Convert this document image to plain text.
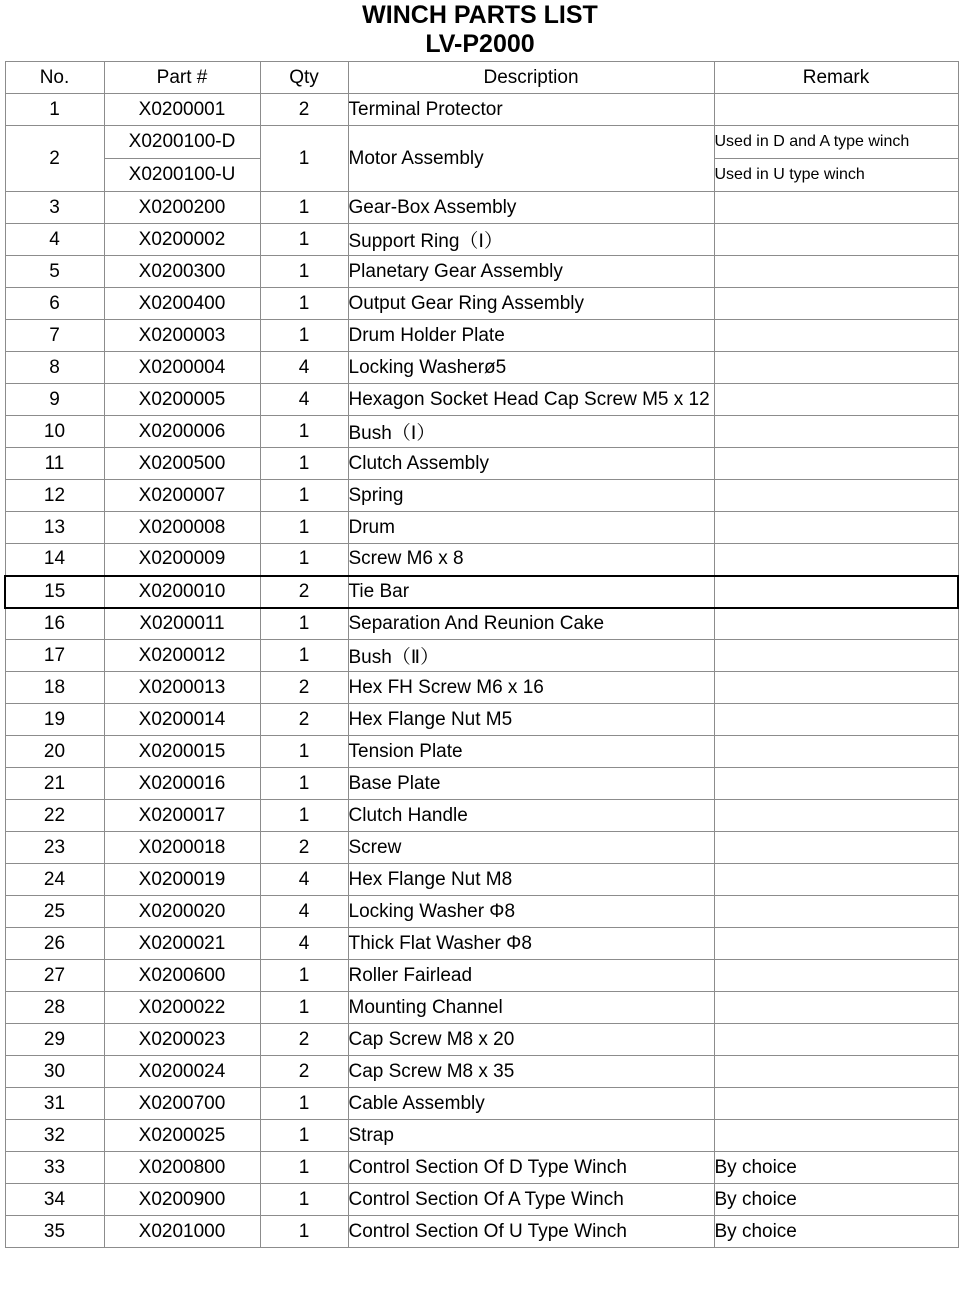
WINCH PARTS LIST
LV-P2000
No.	Part #	Qty	Description	Remark
1	X0200001	2	Terminal Protector	
2	X0200100-D	1	Motor Assembly	Used in D and A type winch
	X0200100-U			Used in U type winch
3	X0200200	1	Gear-Box Assembly	
4	X0200002	1	Support Ring（Ⅰ）	
5	X0200300	1	Planetary Gear Assembly	
6	X0200400	1	Output Gear Ring Assembly	
7	X0200003	1	Drum Holder Plate	
8	X0200004	4	Locking Washerø5	
9	X0200005	4	Hexagon Socket Head Cap Screw M5 x 12	
10	X0200006	1	Bush（Ⅰ）	
11	X0200500	1	Clutch Assembly	
12	X0200007	1	Spring	
13	X0200008	1	Drum	
14	X0200009	1	Screw M6 x 8	
15	X0200010	2	Tie Bar	
16	X0200011	1	Separation And Reunion Cake	
17	X0200012	1	Bush（Ⅱ）	
18	X0200013	2	Hex FH Screw M6 x 16	
19	X0200014	2	Hex Flange Nut M5	
20	X0200015	1	Tension Plate	
21	X0200016	1	Base Plate	
22	X0200017	1	Clutch Handle	
23	X0200018	2	Screw	
24	X0200019	4	Hex Flange Nut M8	
25	X0200020	4	Locking Washer Φ8	
26	X0200021	4	Thick Flat Washer Φ8	
27	X0200600	1	Roller Fairlead	
28	X0200022	1	Mounting Channel	
29	X0200023	2	Cap Screw M8 x 20	
30	X0200024	2	Cap Screw M8 x 35	
31	X0200700	1	Cable Assembly	
32	X0200025	1	Strap	
33	X0200800	1	Control Section Of D Type Winch	By choice
34	X0200900	1	Control Section Of A Type Winch	By choice
35	X0201000	1	Control Section Of U Type Winch	By choice
